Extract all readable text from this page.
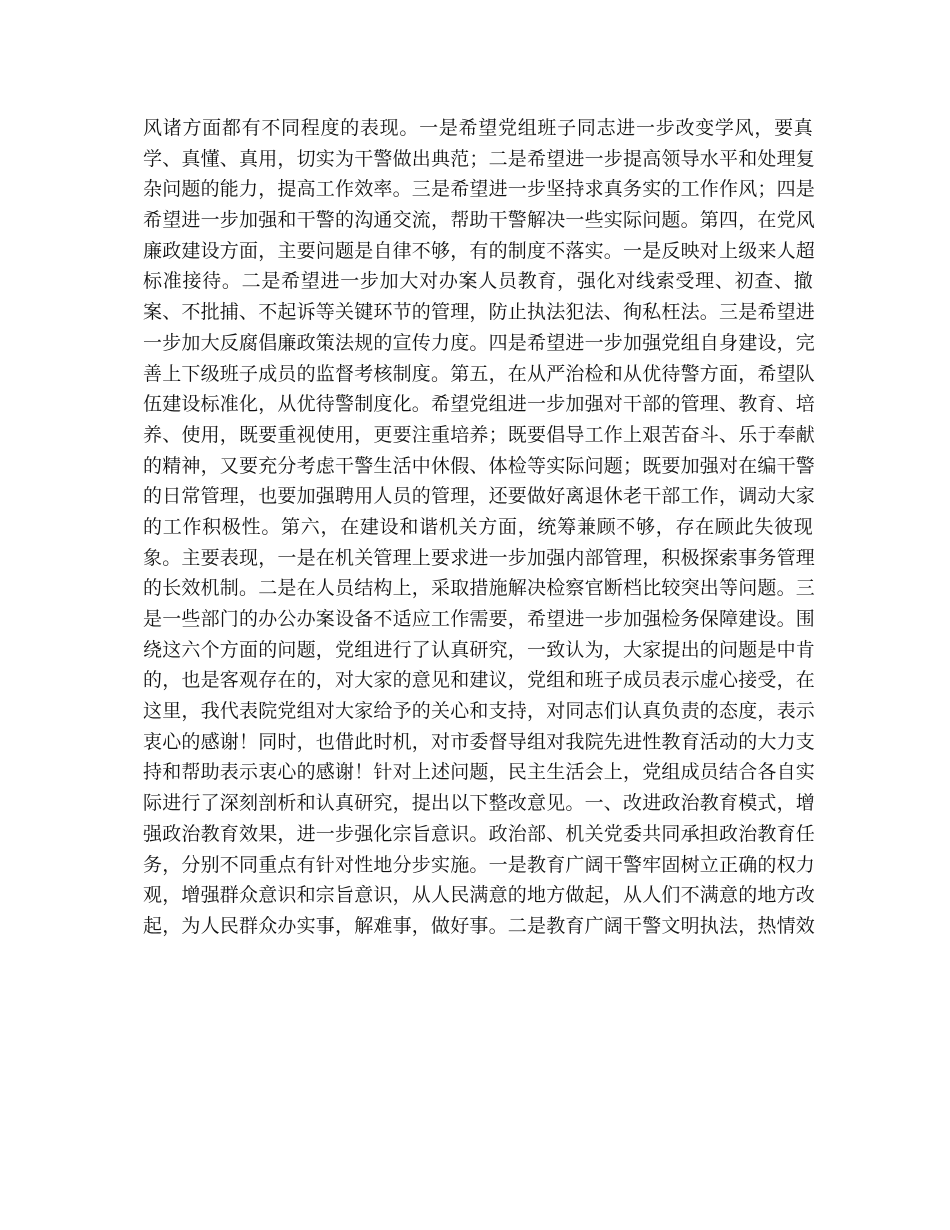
风诸方面都有不同程度的表现。一是希望党组班子同志进一步改变学风，要真
学、真懂、真用，切实为干警做出典范；二是希望进一步提高领导水平和处理复
杂问题的能力，提高工作效率。三是希望进一步坚持求真务实的工作作风；四是
希望进一步加强和干警的沟通交流，帮助干警解决一些实际问题。第四，在党风
廉政建设方面，主要问题是自律不够，有的制度不落实。一是反映对上级来人超
标准接待。二是希望进一步加大对办案人员教育，强化对线索受理、初查、撤
案、不批捕、不起诉等关键环节的管理，防止执法犯法、徇私枉法。三是希望进
一步加大反腐倡廉政策法规的宣传力度。四是希望进一步加强党组自身建设，完
善上下级班子成员的监督考核制度。第五，在从严治检和从优待警方面，希望队
伍建设标准化，从优待警制度化。希望党组进一步加强对干部的管理、教育、培
养、使用，既要重视使用，更要注重培养；既要倡导工作上艰苦奋斗、乐于奉献
的精神，又要充分考虑干警生活中休假、体检等实际问题；既要加强对在编干警
的日常管理，也要加强聘用人员的管理，还要做好离退休老干部工作，调动大家
的工作积极性。第六，在建设和谐机关方面，统筹兼顾不够，存在顾此失彼现
象。主要表现，一是在机关管理上要求进一步加强内部管理，积极探索事务管理
的长效机制。二是在人员结构上，采取措施解决检察官断档比较突出等问题。三
是一些部门的办公办案设备不适应工作需要，希望进一步加强检务保障建设。围
绕这六个方面的问题，党组进行了认真研究，一致认为，大家提出的问题是中肯
的，也是客观存在的，对大家的意见和建议，党组和班子成员表示虚心接受，在
这里，我代表院党组对大家给予的关心和支持，对同志们认真负责的态度，表示
衷心的感谢！同时，也借此时机，对市委督导组对我院先进性教育活动的大力支
持和帮助表示衷心的感谢！针对上述问题，民主生活会上，党组成员结合各自实
际进行了深刻剖析和认真研究，提出以下整改意见。一、改进政治教育模式，增
强政治教育效果，进一步强化宗旨意识。政治部、机关党委共同承担政治教育任
务，分别不同重点有针对性地分步实施。一是教育广阔干警牢固树立正确的权力
观，增强群众意识和宗旨意识，从人民满意的地方做起，从人们不满意的地方改
起，为人民群众办实事，解难事，做好事。二是教育广阔干警文明执法，热情效
